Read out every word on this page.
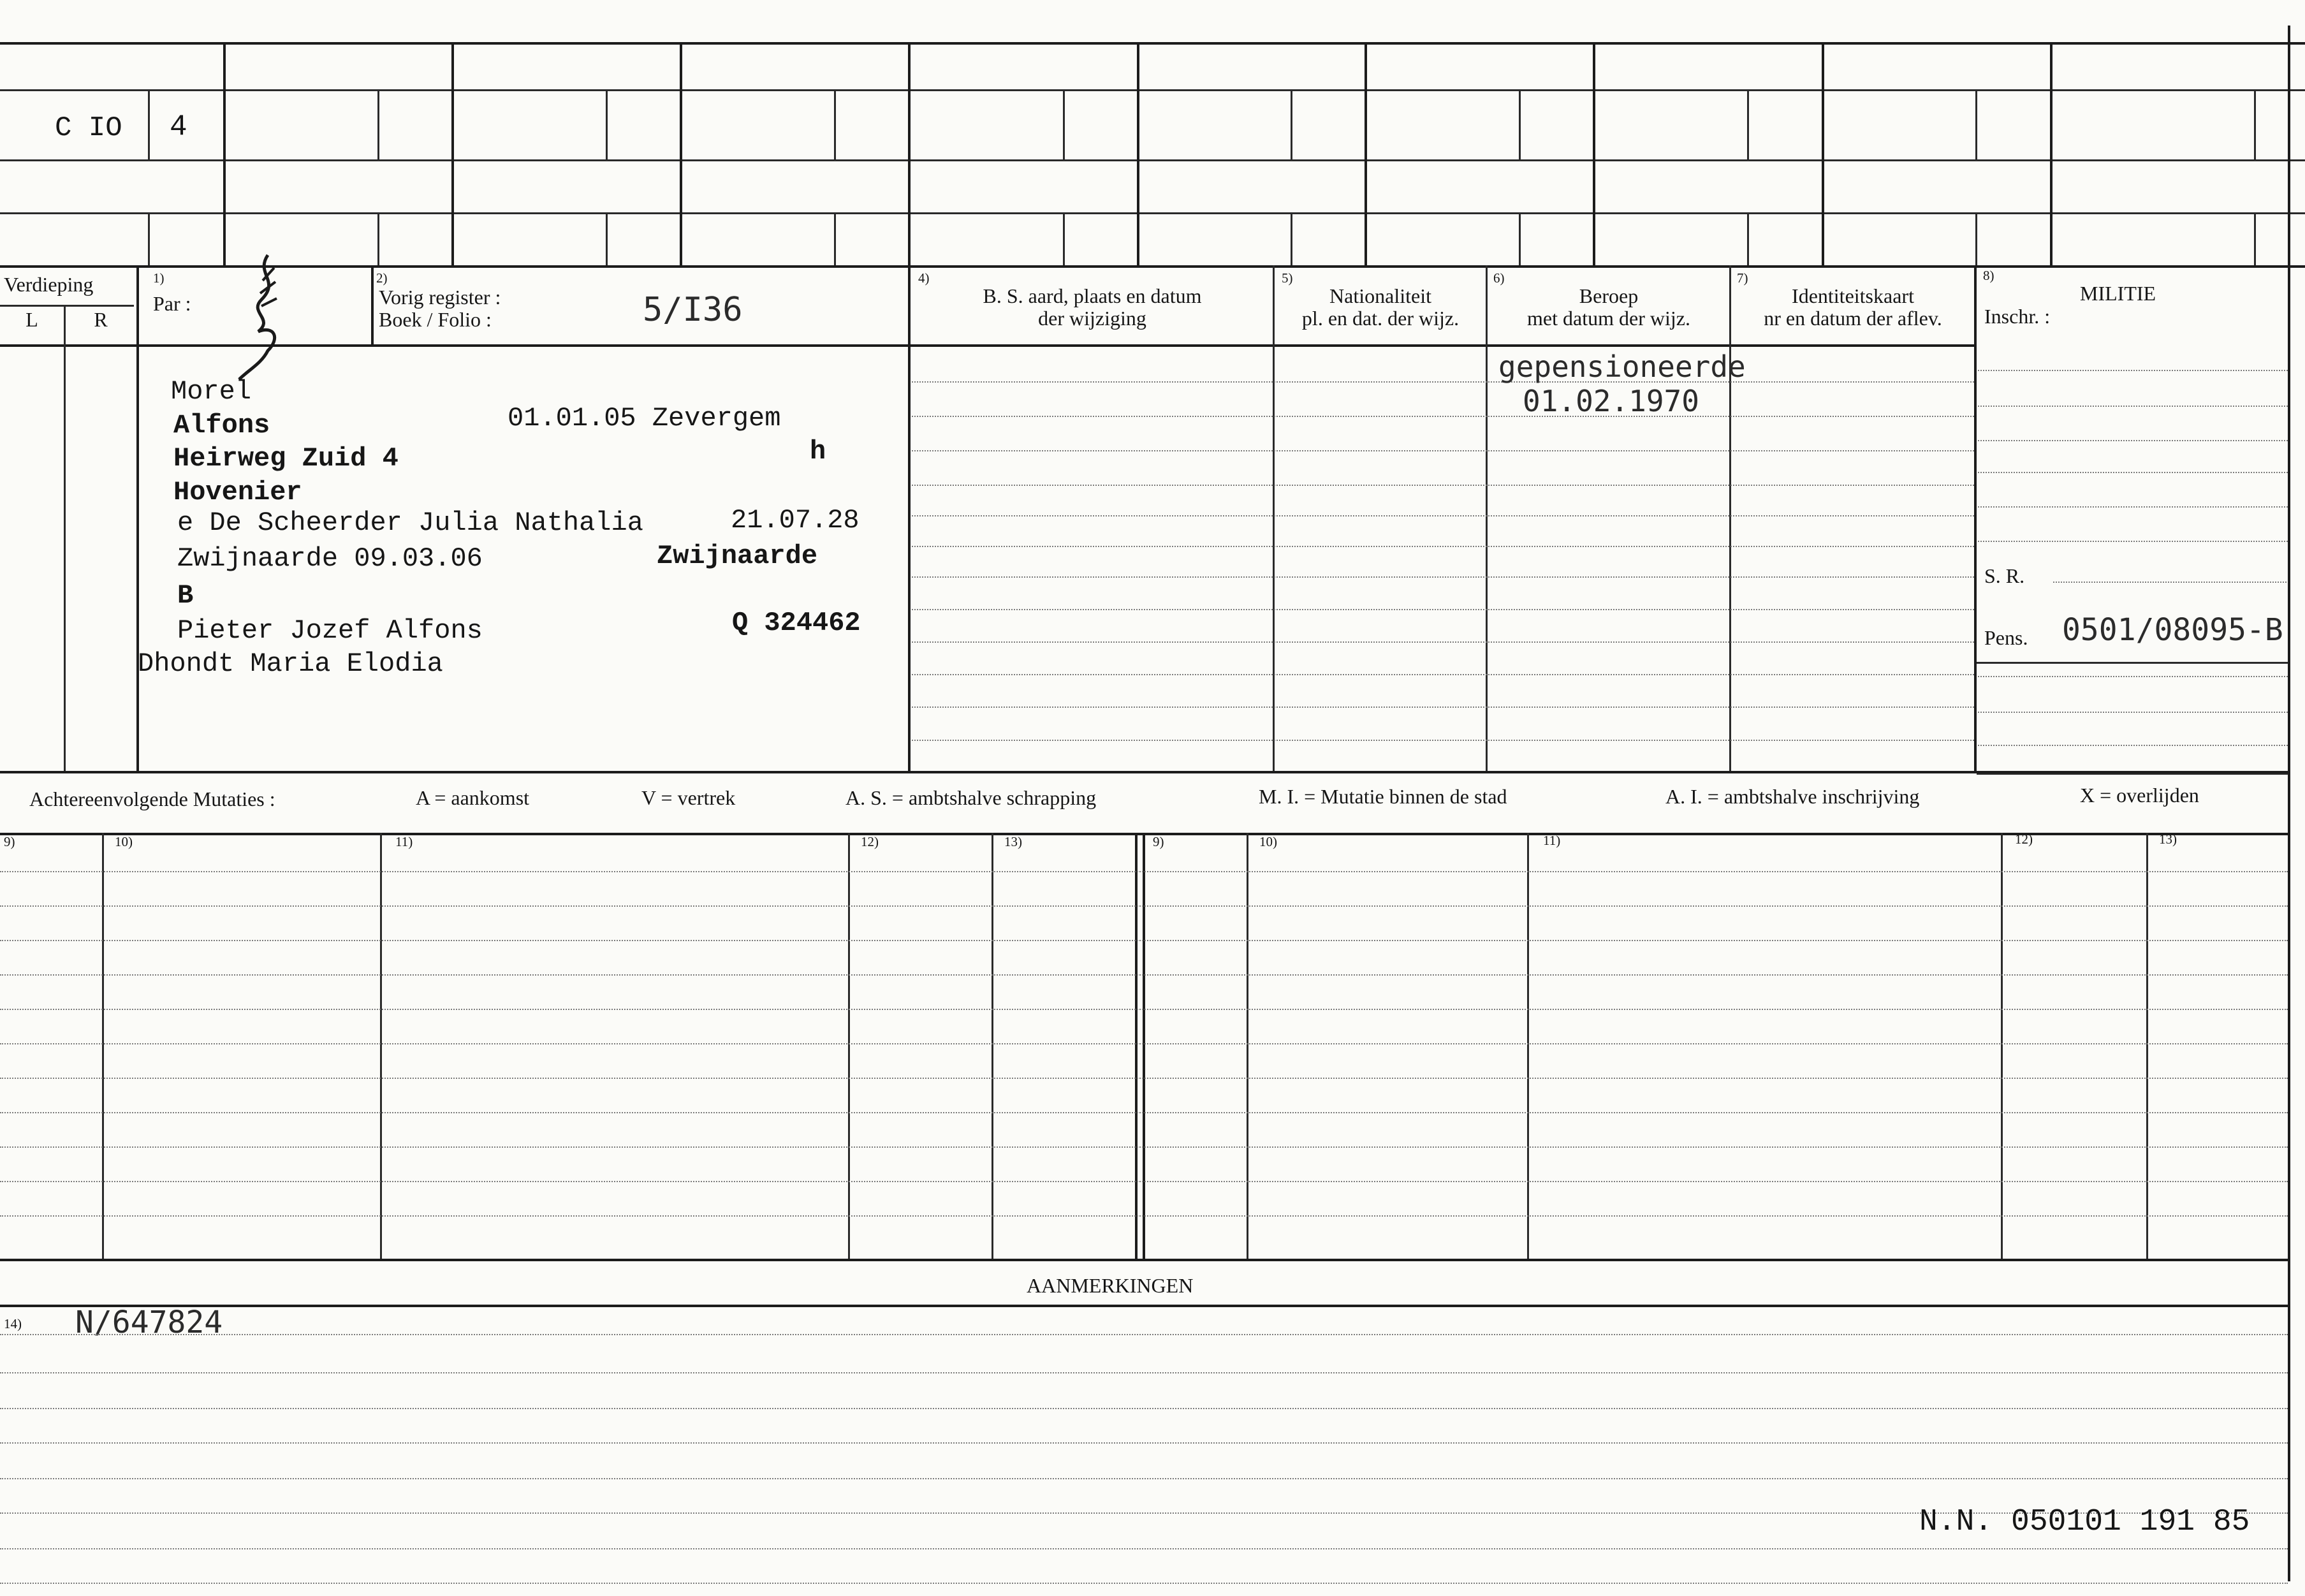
C IO 4
Verdieping
L	R
1)
Par :
2)
Vorig register :
Boek / Folio :	5/I36
4)
B. S. aard, plaats en datum
der wijziging
5)
Nationaliteit
pl. en dat. der wijz.
6)
Beroep
met datum der wijz.
7)
Identiteitskaart
nr en datum der aflev.
8)
MILITIE
Inschr. :
S. R.
Pens. 0501/08095-B
Morel
Alfons	01.01.05 Zevergem
Heirweg Zuid 4	h
Hovenier
e De Scheerder Julia Nathalia	21.07.28
Zwijnaarde 09.03.06	Zwijnaarde
B
Pieter Jozef Alfons	Q 324462
Dhondt Maria Elodia
gepensioneerde
01.02.1970
Achtereenvolgende Mutaties :	A = aankomst	V = vertrek	A. S. = ambtshalve schrapping	M. I. = Mutatie binnen de stad	A. I. = ambtshalve inschrijving	X = overlijden
9)	10)	11)	12)	13)	9)	10)	11)	12)	13)
AANMERKINGEN
14) N/647824
N.N. 050101 191 85
